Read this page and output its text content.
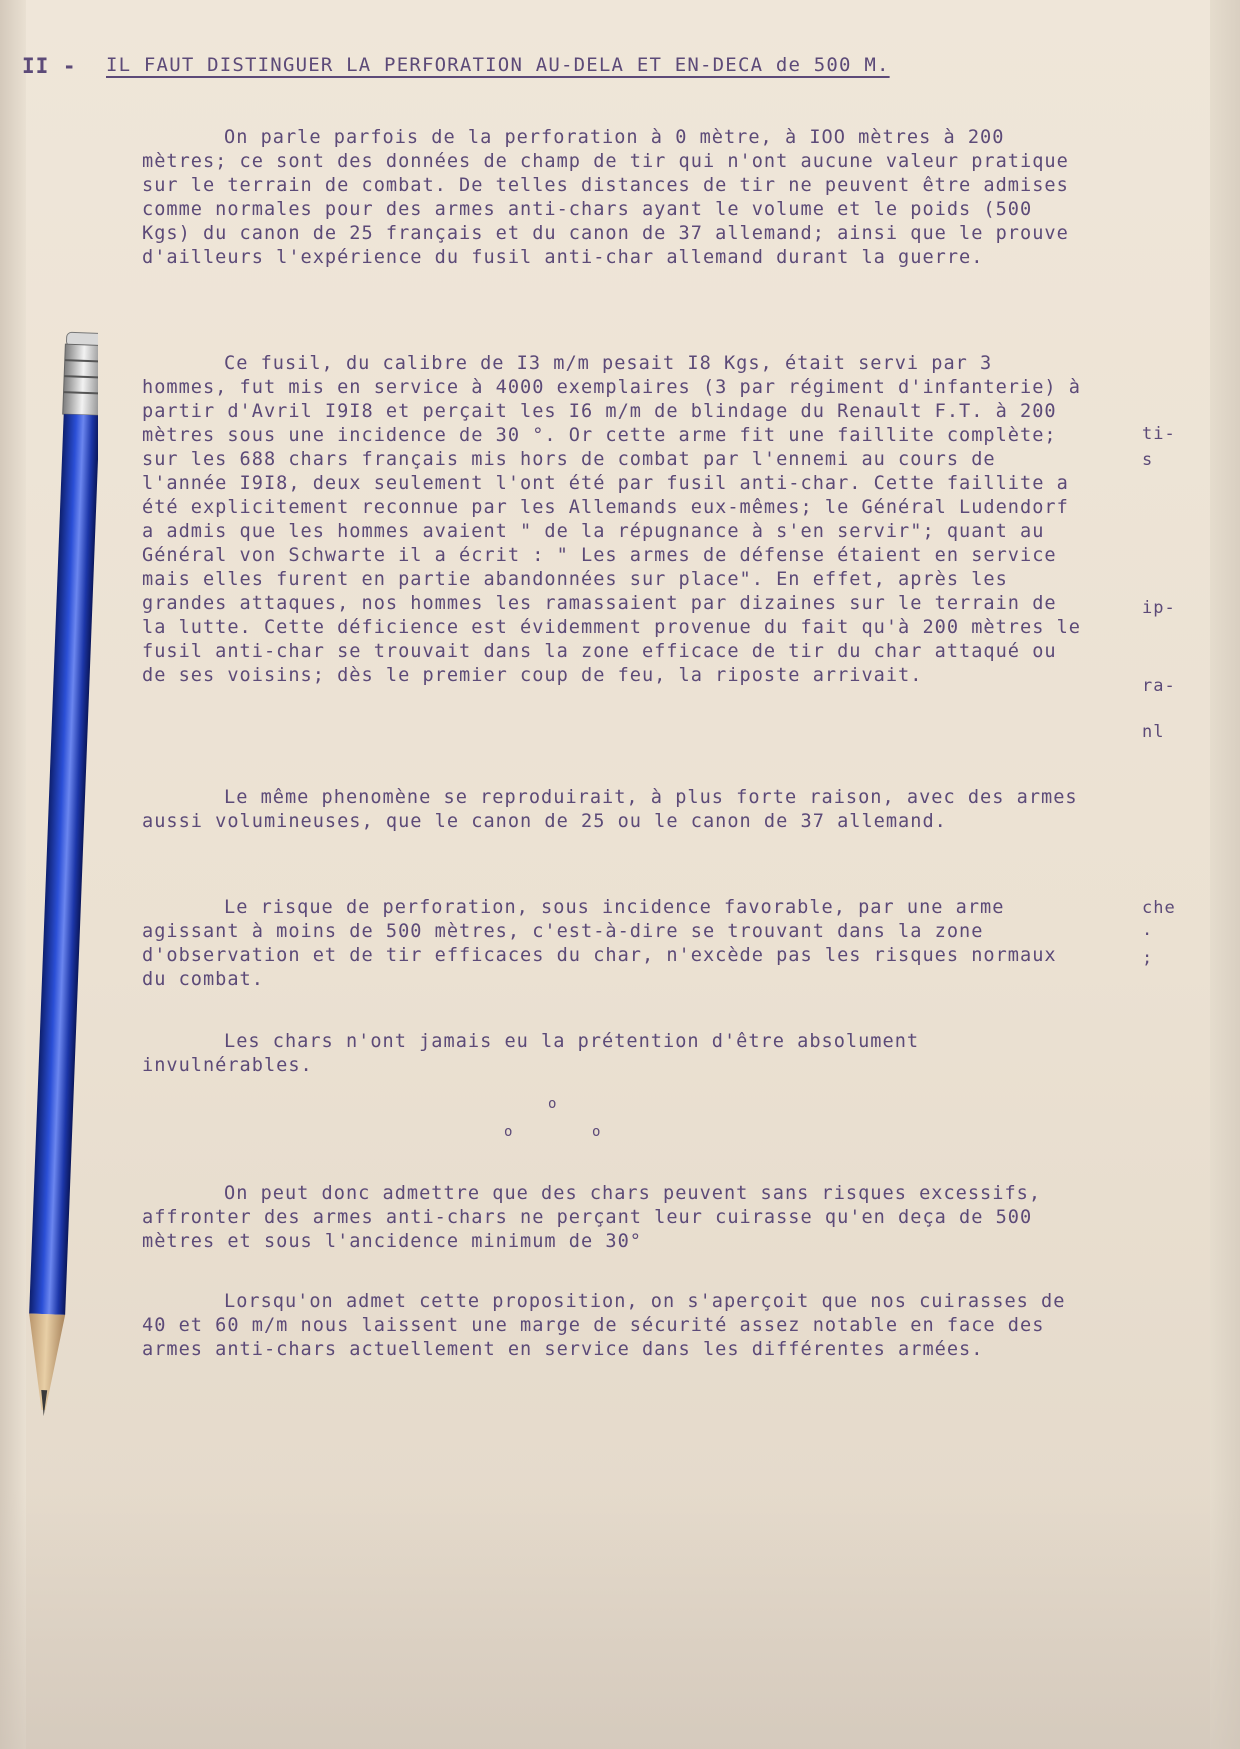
II - IL FAUT DISTINGUER LA PERFORATION AU-DELA ET EN-DECA de 500 M.

On parle parfois de la perforation à 0 mètre, à IOO mètres à 200 mètres; ce sont des données de champ de tir qui n'ont aucune valeur pratique sur le terrain de combat. De telles distances de tir ne peuvent être admises comme normales pour des armes anti-chars ayant le volume et le poids (500 Kgs) du canon de 25 français et du canon de 37 allemand; ainsi que le prouve d'ailleurs l'expérience du fusil anti-char allemand durant la guerre.

Ce fusil, du calibre de I3 m/m pesait I8 Kgs, était servi par 3 hommes, fut mis en service à 4000 exemplaires (3 par régiment d'infanterie) à partir d'Avril I9I8 et perçait les I6 m/m de blindage du Renault F.T. à 200 mètres sous une incidence de 30 °. Or cette arme fit une faillite complète; sur les 688 chars français mis hors de combat par l'ennemi au cours de l'année I9I8, deux seulement l'ont été par fusil anti-char. Cette faillite a été explicitement reconnue par les Allemands eux-mêmes; le Général Ludendorf a admis que les hommes avaient " de la répugnance à s'en servir"; quant au Général von Schwarte il a écrit : " Les armes de défense étaient en service mais elles furent en partie abandonnées sur place". En effet, après les grandes attaques, nos hommes les ramassaient par dizaines sur le terrain de la lutte. Cette déficience est évidemment provenue du fait qu'à 200 mètres le fusil anti-char se trouvait dans la zone efficace de tir du char attaqué ou de ses voisins; dès le premier coup de feu, la riposte arrivait.

Le même phenomène se reproduirait, à plus forte raison, avec des armes aussi volumineuses, que le canon de 25 ou le canon de 37 allemand.

Le risque de perforation, sous incidence favorable, par une arme agissant à moins de 500 mètres, c'est-à-dire se trouvant dans la zone d'observation et de tir efficaces du char, n'excède pas les risques normaux du combat.

Les chars n'ont jamais eu la prétention d'être absolument invulnérables.

o
o	o

On peut donc admettre que des chars peuvent sans risques excessifs, affronter des armes anti-chars ne perçant leur cuirasse qu'en deça de 500 mètres et sous l'ancidence minimum de 30°

Lorsqu'on admet cette proposition, on s'aperçoit que nos cuirasses de 40 et 60 m/m nous laissent une marge de sécurité assez notable en face des armes anti-chars actuellement en service dans les différentes armées.

ti-
s
ip-
ra-
nl
che
.
;
